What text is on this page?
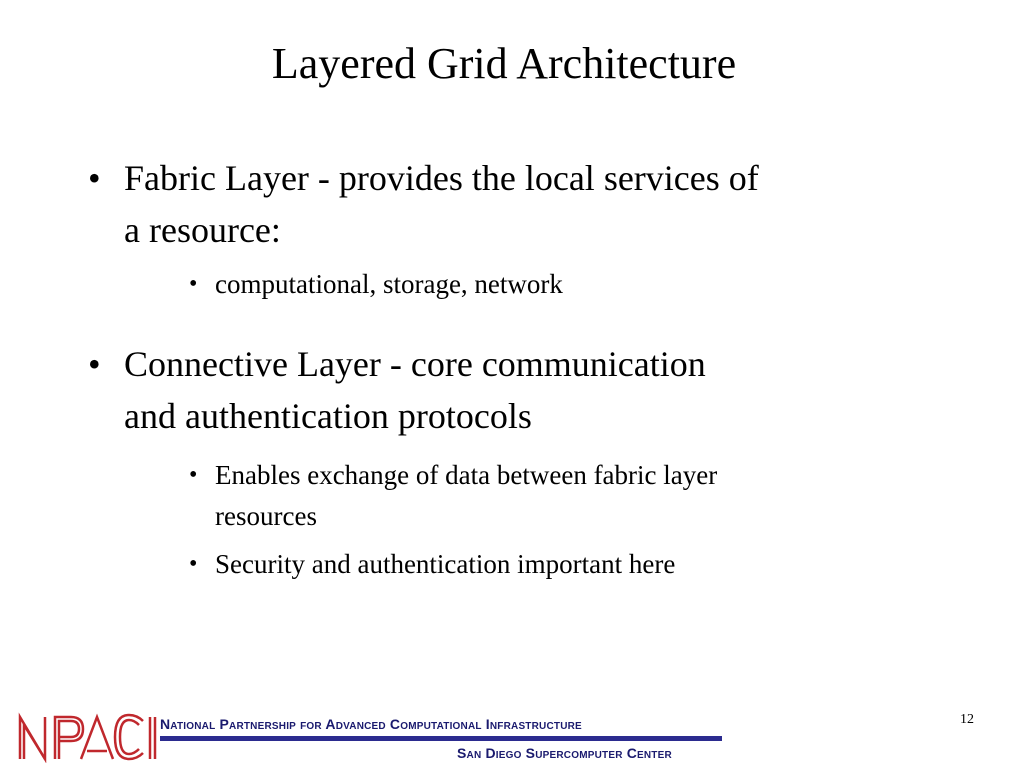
Layered Grid Architecture
• Fabric Layer - provides the local services of
a resource:
• computational, storage, network
• Connective Layer - core communication
and authentication protocols
• Enables exchange of data between fabric layer
resources
• Security and authentication important here
National Partnership for Advanced Computational Infrastructure
San Diego Supercomputer Center
12
